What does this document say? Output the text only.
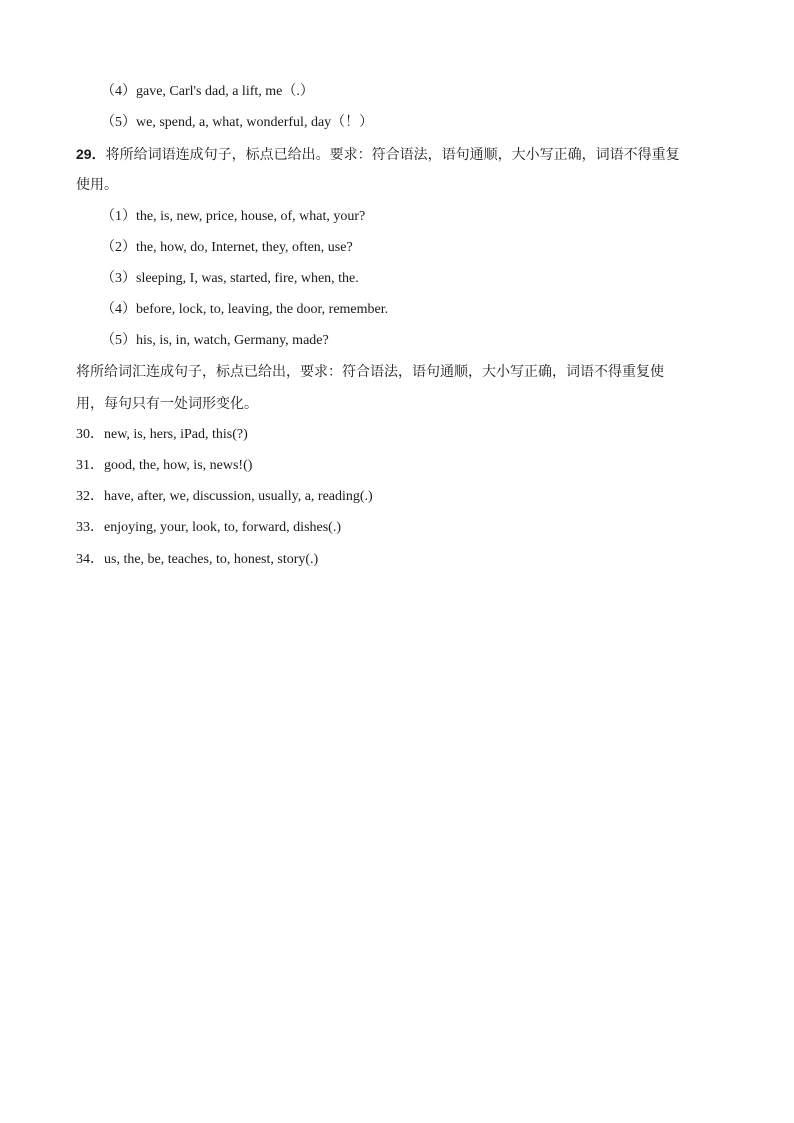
（4）gave, Carl's dad, a lift, me（.）
（5）we, spend, a, what, wonderful, day（！）
29．将所给词语连成句子，标点已给出。要求：符合语法，语句通顺，大小写正确，词语不得重复
使用。
（1）the, is, new, price, house, of, what, your?
（2）the, how, do, Internet, they, often, use?
（3）sleeping, I, was, started, fire, when, the.
（4）before, lock, to, leaving, the door, remember.
（5）his, is, in, watch, Germany, made?
将所给词汇连成句子，标点已给出，要求：符合语法，语句通顺，大小写正确，词语不得重复使
用，每句只有一处词形变化。
30．new, is, hers, iPad, this(?)
31．good, the, how, is, news!()
32．have, after, we, discussion, usually, a, reading(.)
33．enjoying, your, look, to, forward, dishes(.)
34．us, the, be, teaches, to, honest, story(.)
